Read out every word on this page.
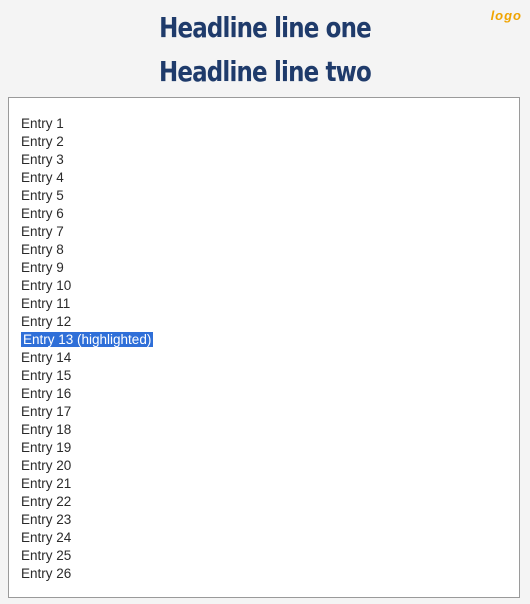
Headline line one
Headline line two
logo
Entry 1
Entry 2
Entry 3
Entry 4
Entry 5
Entry 6
Entry 7
Entry 8
Entry 9
Entry 10
Entry 11
Entry 12
Entry 13 (highlighted)
Entry 14
Entry 15
Entry 16
Entry 17
Entry 18
Entry 19
Entry 20
Entry 21
Entry 22
Entry 23
Entry 24
Entry 25
Entry 26
